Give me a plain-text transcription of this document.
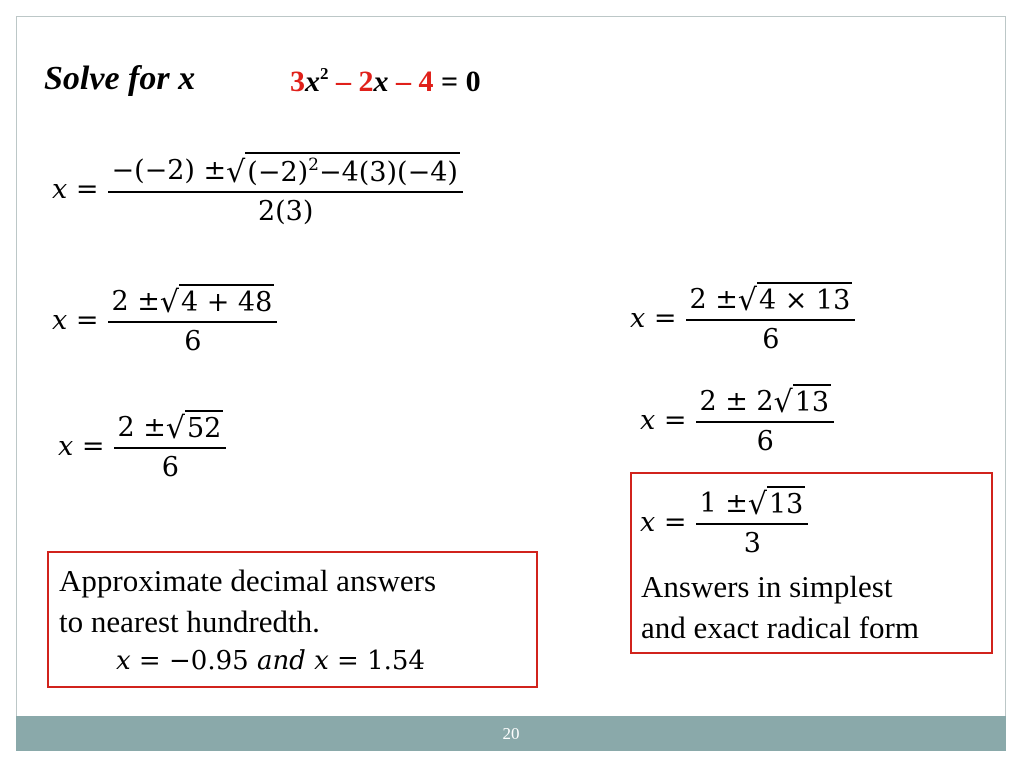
Solve for x	$3x^2 - 2x - 4 = 0$
$x = \frac{-(-2) \pm √ (-2)^2-4(3)(-4)}{2(3)}$
$x = \frac{2 \pm √ 4 + 48}{6}$
$x = \frac{2 \pm √ 52}{6}$
$x = \frac{2 \pm √ 4 \times 13}{6}$
$x = \frac{2 \pm 2 √ 13}{6}$
$x = \frac{1 \pm √ 13}{3}$
Answers in simplest
and exact radical form
Approximate decimal answers
to nearest hundredth.
x = −0.95 and x = 1.54
20
